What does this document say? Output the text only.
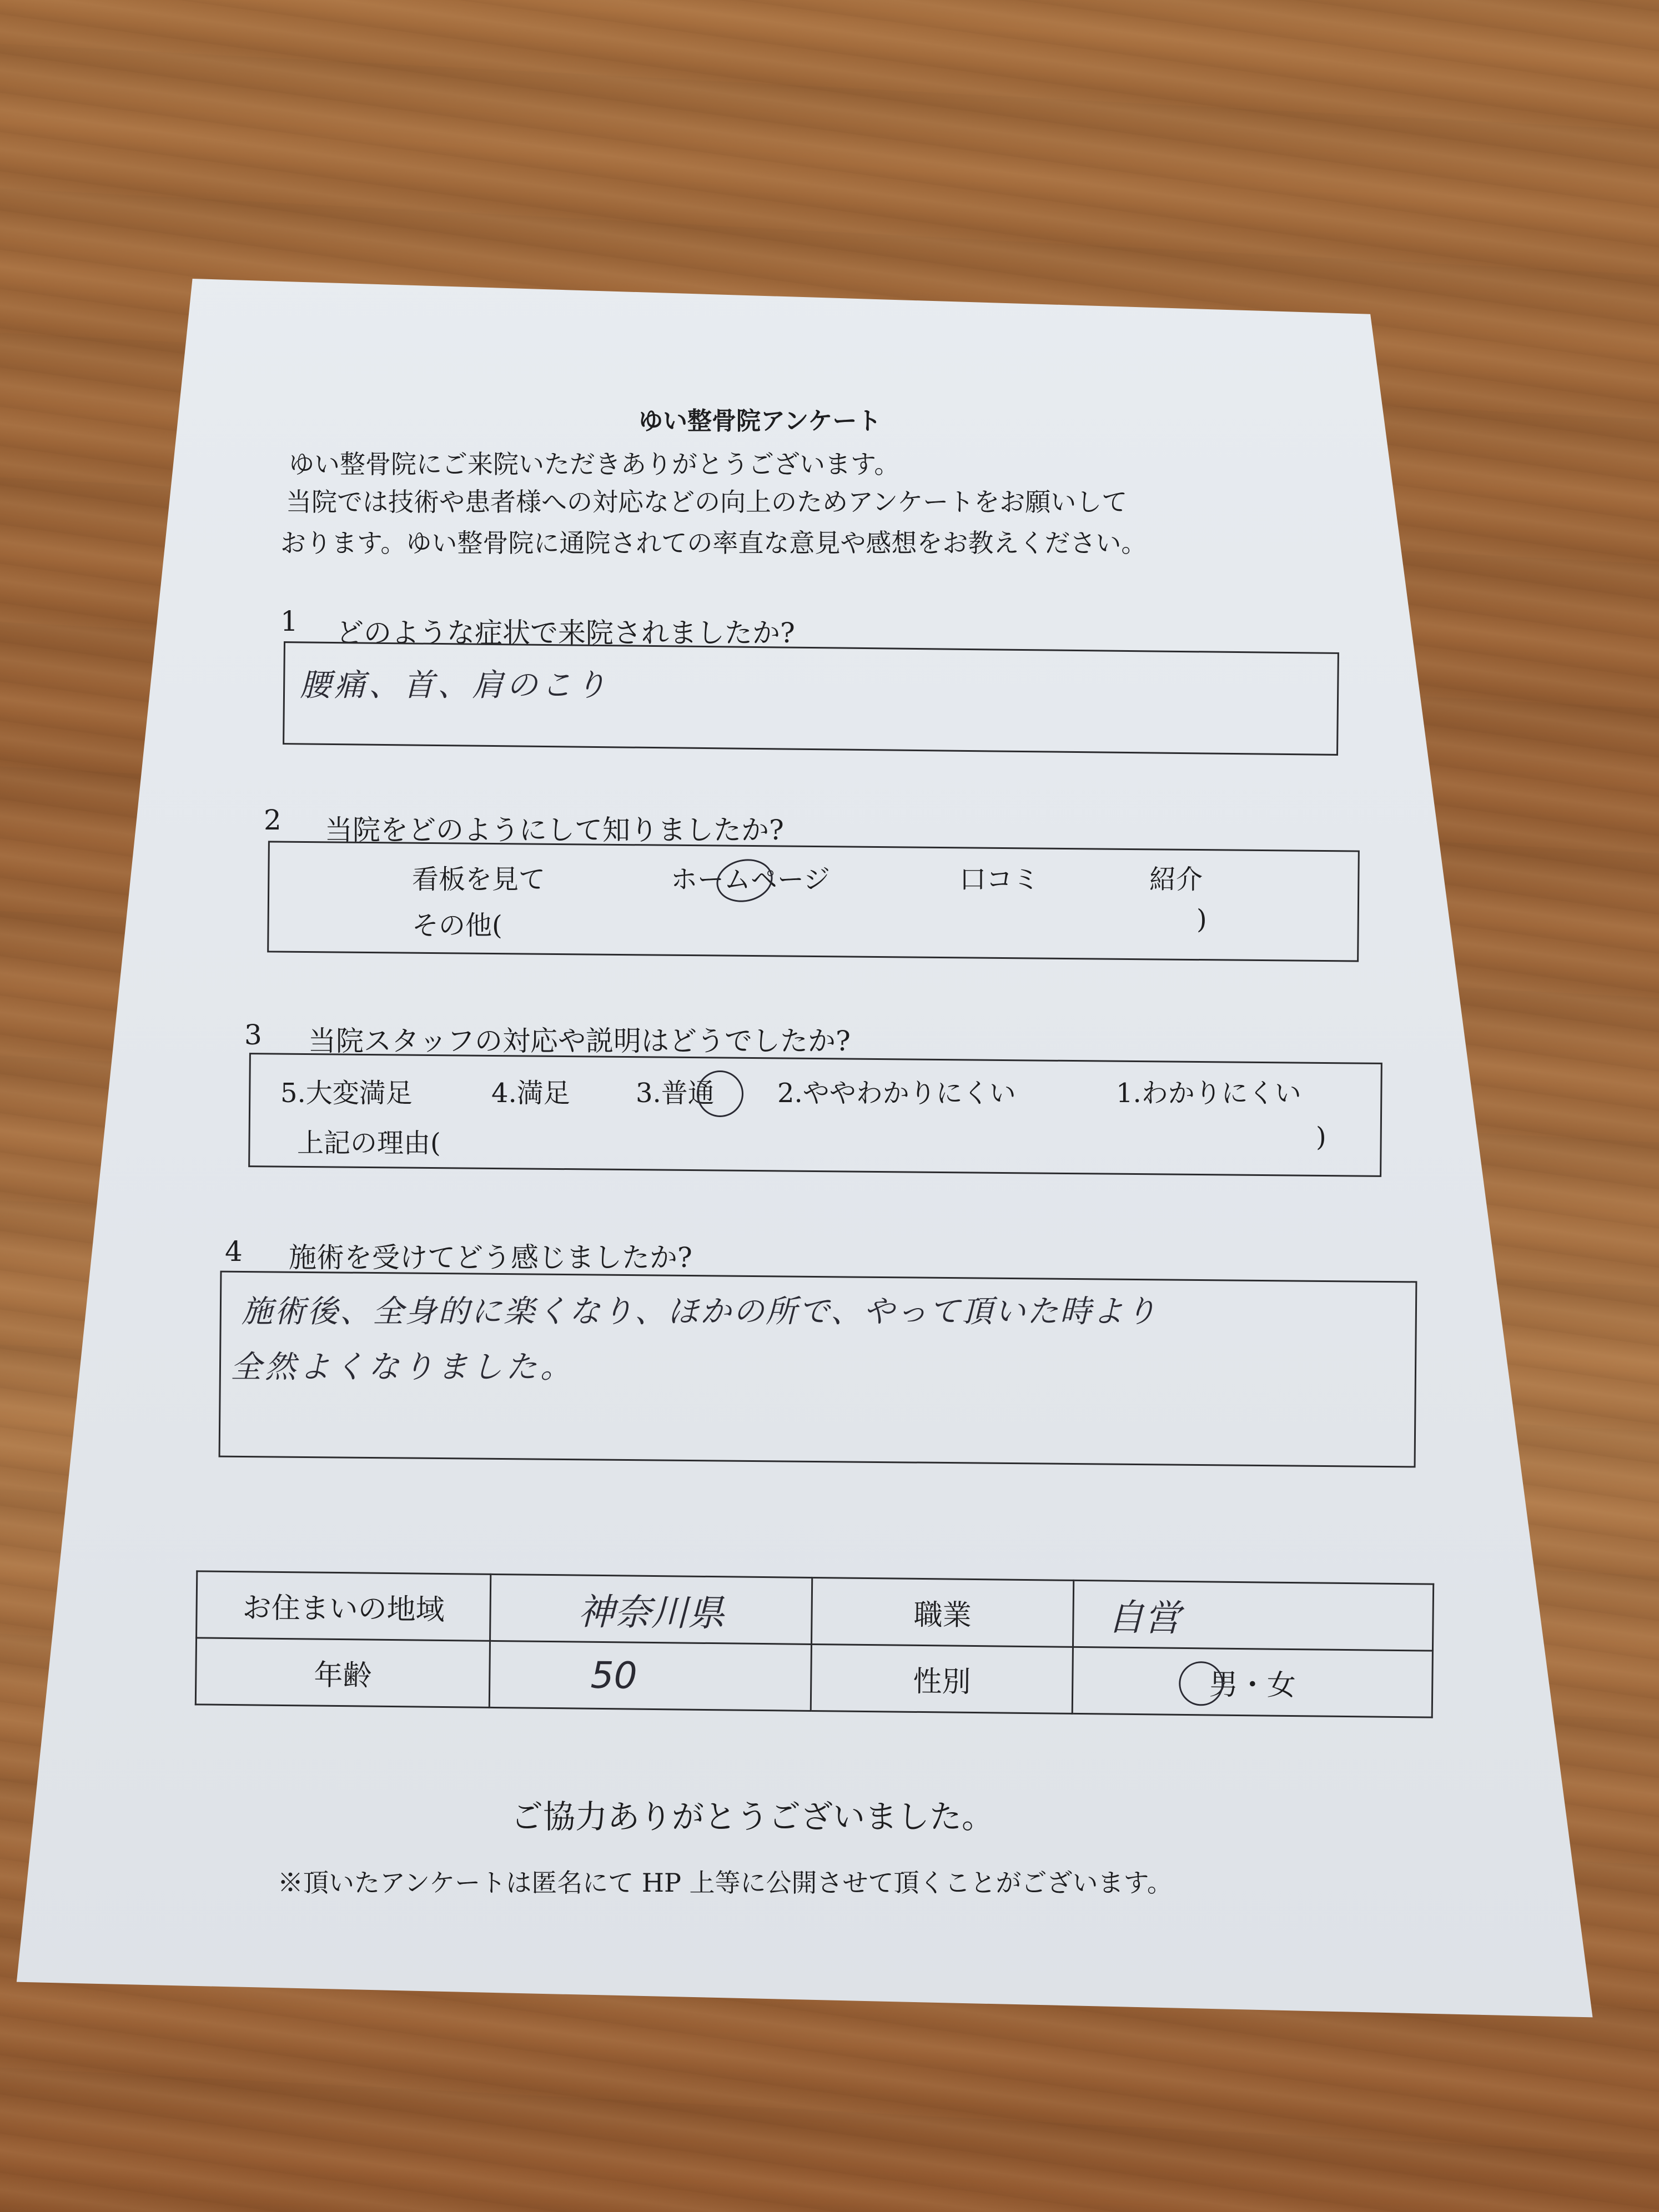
ゆい整骨院アンケート
ゆい整骨院にご来院いただきありがとうございます。
当院では技術や患者様への対応などの向上のためアンケートをお願いして
おります。ゆい整骨院に通院されての率直な意見や感想をお教えください。
1 どのような症状で来院されましたか?
腰痛、首、肩のこり
2 当院をどのようにして知りましたか?
看板を見て	ホームページ	口コミ	紹介
その他(	)
3 当院スタッフの対応や説明はどうでしたか?
5.大変満足	4.満足 3.普通 2.ややわかりにくい	1.わかりにくい
上記の理由(	)
4 施術を受けてどう感じましたか?
施術後、全身的に楽くなり、ほかの所で、やって頂いた時より
全然よくなりました。
お住まいの地域	神奈川県	職業	自営
年齢	50	性別	男・女
ご協力ありがとうございました。
※頂いたアンケートは匿名にて HP 上等に公開させて頂くことがございます。
